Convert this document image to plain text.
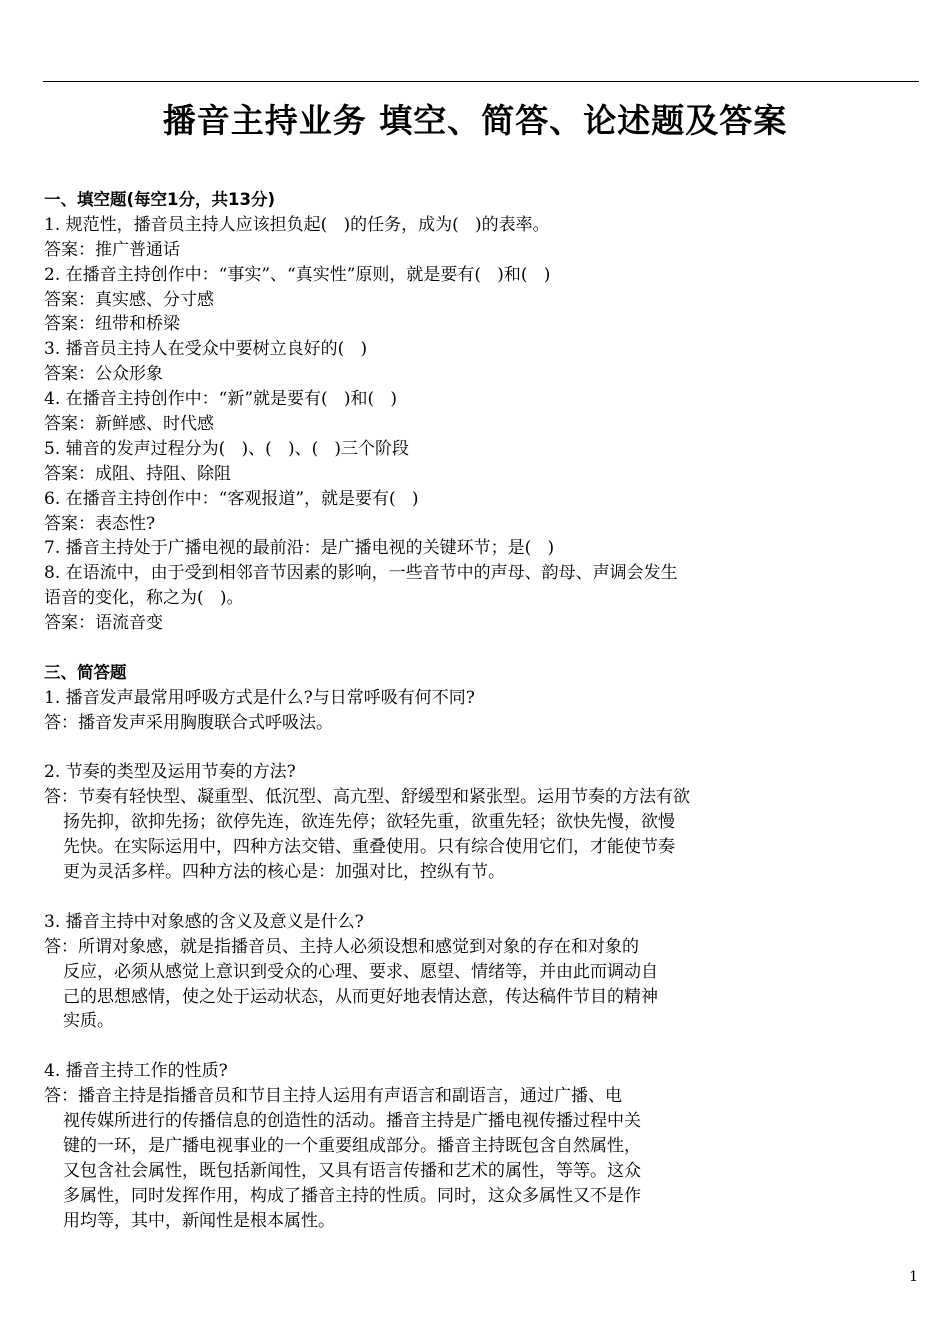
播音主持业务 填空、简答、论述题及答案
一、填空题(每空1分，共13分)
1. 规范性，播音员主持人应该担负起(   )的任务，成为(   )的表率。
答案：推广普通话
2. 在播音主持创作中：“事实”、“真实性”原则，就是要有(   )和(   )
答案：真实感、分寸感
答案：纽带和桥梁
3. 播音员主持人在受众中要树立良好的(   )
答案：公众形象
4. 在播音主持创作中：“新”就是要有(   )和(   )
答案：新鲜感、时代感
5. 辅音的发声过程分为(   )、(   )、(   )三个阶段
答案：成阻、持阻、除阻
6. 在播音主持创作中：“客观报道”，就是要有(   )
答案：表态性?
7. 播音主持处于广播电视的最前沿：是广播电视的关键环节；是(   )
8. 在语流中，由于受到相邻音节因素的影响，一些音节中的声母、韵母、声调会发生
语音的变化，称之为(   )。
答案：语流音变
三、简答题
1. 播音发声最常用呼吸方式是什么?与日常呼吸有何不同?
答：播音发声采用胸腹联合式呼吸法。
2. 节奏的类型及运用节奏的方法?
答：节奏有轻快型、凝重型、低沉型、高亢型、舒缓型和紧张型。运用节奏的方法有欲
扬先抑，欲抑先扬；欲停先连，欲连先停；欲轻先重，欲重先轻；欲快先慢，欲慢
先快。在实际运用中，四种方法交错、重叠使用。只有综合使用它们，才能使节奏
更为灵活多样。四种方法的核心是：加强对比，控纵有节。
3. 播音主持中对象感的含义及意义是什么?
答：所谓对象感，就是指播音员、主持人必须设想和感觉到对象的存在和对象的
反应，必须从感觉上意识到受众的心理、要求、愿望、情绪等，并由此而调动自
己的思想感情，使之处于运动状态，从而更好地表情达意，传达稿件节目的精神
实质。
4. 播音主持工作的性质?
答：播音主持是指播音员和节目主持人运用有声语言和副语言，通过广播、电
视传媒所进行的传播信息的创造性的活动。播音主持是广播电视传播过程中关
键的一环，是广播电视事业的一个重要组成部分。播音主持既包含自然属性，
又包含社会属性，既包括新闻性，又具有语言传播和艺术的属性，等等。这众
多属性，同时发挥作用，构成了播音主持的性质。同时，这众多属性又不是作
用均等，其中，新闻性是根本属性。
1
